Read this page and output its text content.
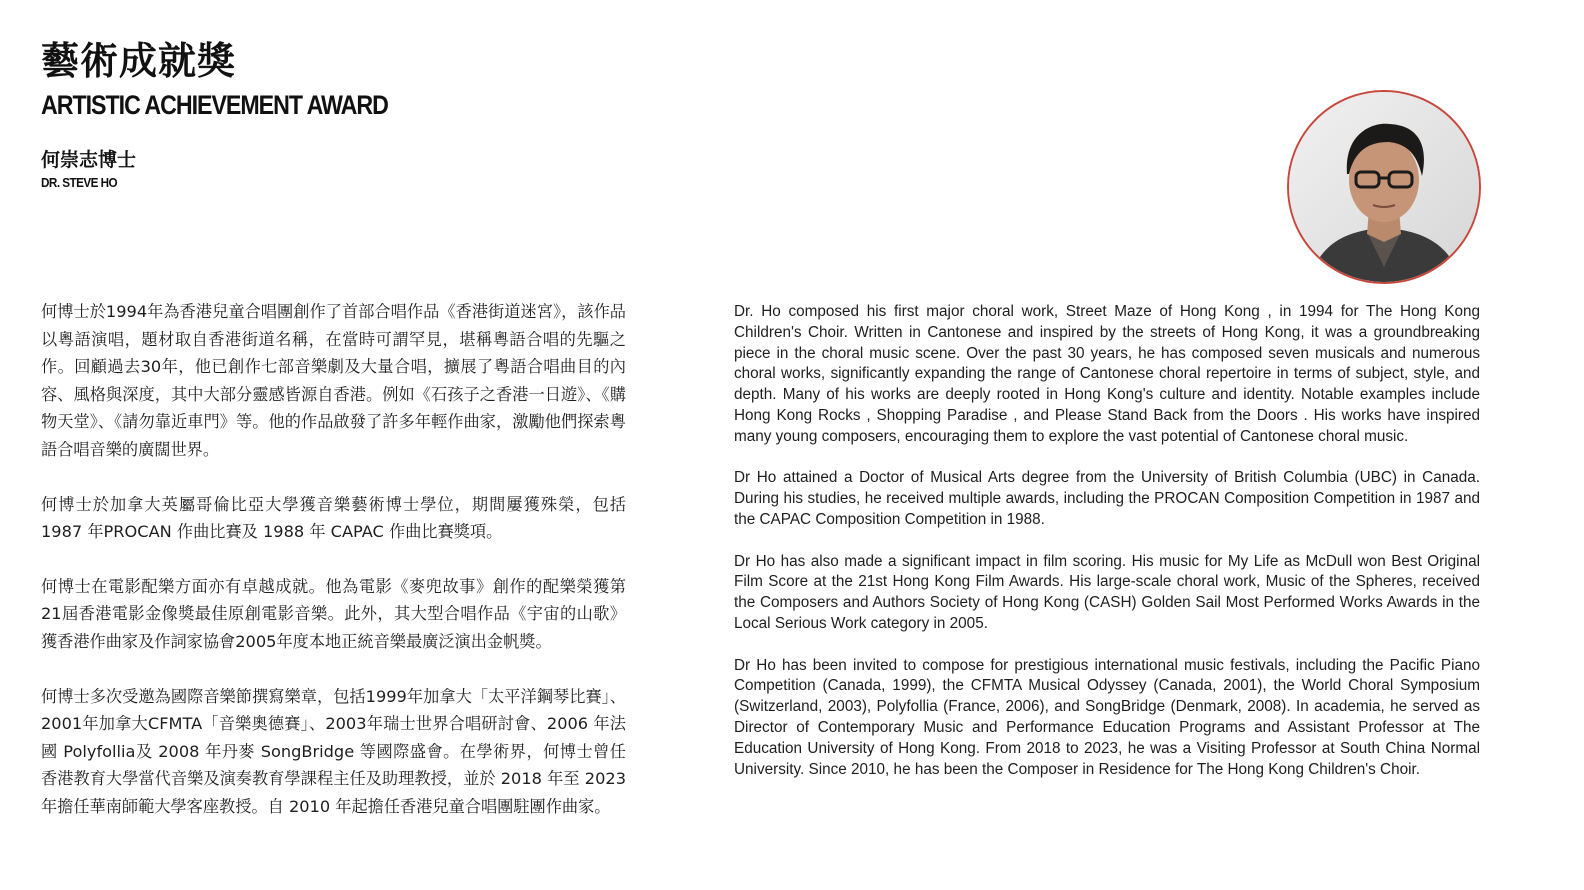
藝術成就獎
ARTISTIC ACHIEVEMENT AWARD
何崇志博士
DR. STEVE HO

何博士於1994年為香港兒童合唱團創作了首部合唱作品《香港街道迷宮》，該作品以粵語演唱，題材取自香港街道名稱，在當時可謂罕見，堪稱粵語合唱的先驅之作。回顧過去30年，他已創作七部音樂劇及大量合唱，擴展了粵語合唱曲目的內容、風格與深度，其中大部分靈感皆源自香港。例如《石孩子之香港一日遊》、《購物天堂》、《請勿靠近車門》等。他的作品啟發了許多年輕作曲家，激勵他們探索粵語合唱音樂的廣闊世界。

何博士於加拿大英屬哥倫比亞大學獲音樂藝術博士學位，期間屢獲殊榮，包括 1987 年PROCAN 作曲比賽及 1988 年 CAPAC 作曲比賽獎項。

何博士在電影配樂方面亦有卓越成就。他為電影《麥兜故事》創作的配樂榮獲第21屆香港電影金像獎最佳原創電影音樂。此外，其大型合唱作品《宇宙的山歌》獲香港作曲家及作詞家協會2005年度本地正統音樂最廣泛演出金帆獎。

何博士多次受邀為國際音樂節撰寫樂章，包括1999年加拿大「太平洋鋼琴比賽」、2001年加拿大CFMTA「音樂奧德賽」、2003年瑞士世界合唱研討會、2006 年法國 Polyfollia及 2008 年丹麥 SongBridge 等國際盛會。在學術界，何博士曾任香港教育大學當代音樂及演奏教育學課程主任及助理教授，並於 2018 年至 2023 年擔任華南師範大學客座教授。自 2010 年起擔任香港兒童合唱團駐團作曲家。

Dr. Ho composed his first major choral work, Street Maze of Hong Kong , in 1994 for The Hong Kong Children's Choir. Written in Cantonese and inspired by the streets of Hong Kong, it was a groundbreaking piece in the choral music scene. Over the past 30 years, he has composed seven musicals and numerous choral works, significantly expanding the range of Cantonese choral repertoire in terms of subject, style, and depth. Many of his works are deeply rooted in Hong Kong's culture and identity. Notable examples include Hong Kong Rocks , Shopping Paradise , and Please Stand Back from the Doors . His works have inspired many young composers, encouraging them to explore the vast potential of Cantonese choral music.

Dr Ho attained a Doctor of Musical Arts degree from the University of British Columbia (UBC) in Canada. During his studies, he received multiple awards, including the PROCAN Composition Competition in 1987 and the CAPAC Composition Competition in 1988.

Dr Ho has also made a significant impact in film scoring. His music for My Life as McDull won Best Original Film Score at the 21st Hong Kong Film Awards. His large-scale choral work, Music of the Spheres, received the Composers and Authors Society of Hong Kong (CASH) Golden Sail Most Performed Works Awards in the Local Serious Work category in 2005.

Dr Ho has been invited to compose for prestigious international music festivals, including the Pacific Piano Competition (Canada, 1999), the CFMTA Musical Odyssey (Canada, 2001), the World Choral Symposium (Switzerland, 2003), Polyfollia (France, 2006), and SongBridge (Denmark, 2008). In academia, he served as Director of Contemporary Music and Performance Education Programs and Assistant Professor at The Education University of Hong Kong. From 2018 to 2023, he was a Visiting Professor at South China Normal University. Since 2010, he has been the Composer in Residence for The Hong Kong Children's Choir.
